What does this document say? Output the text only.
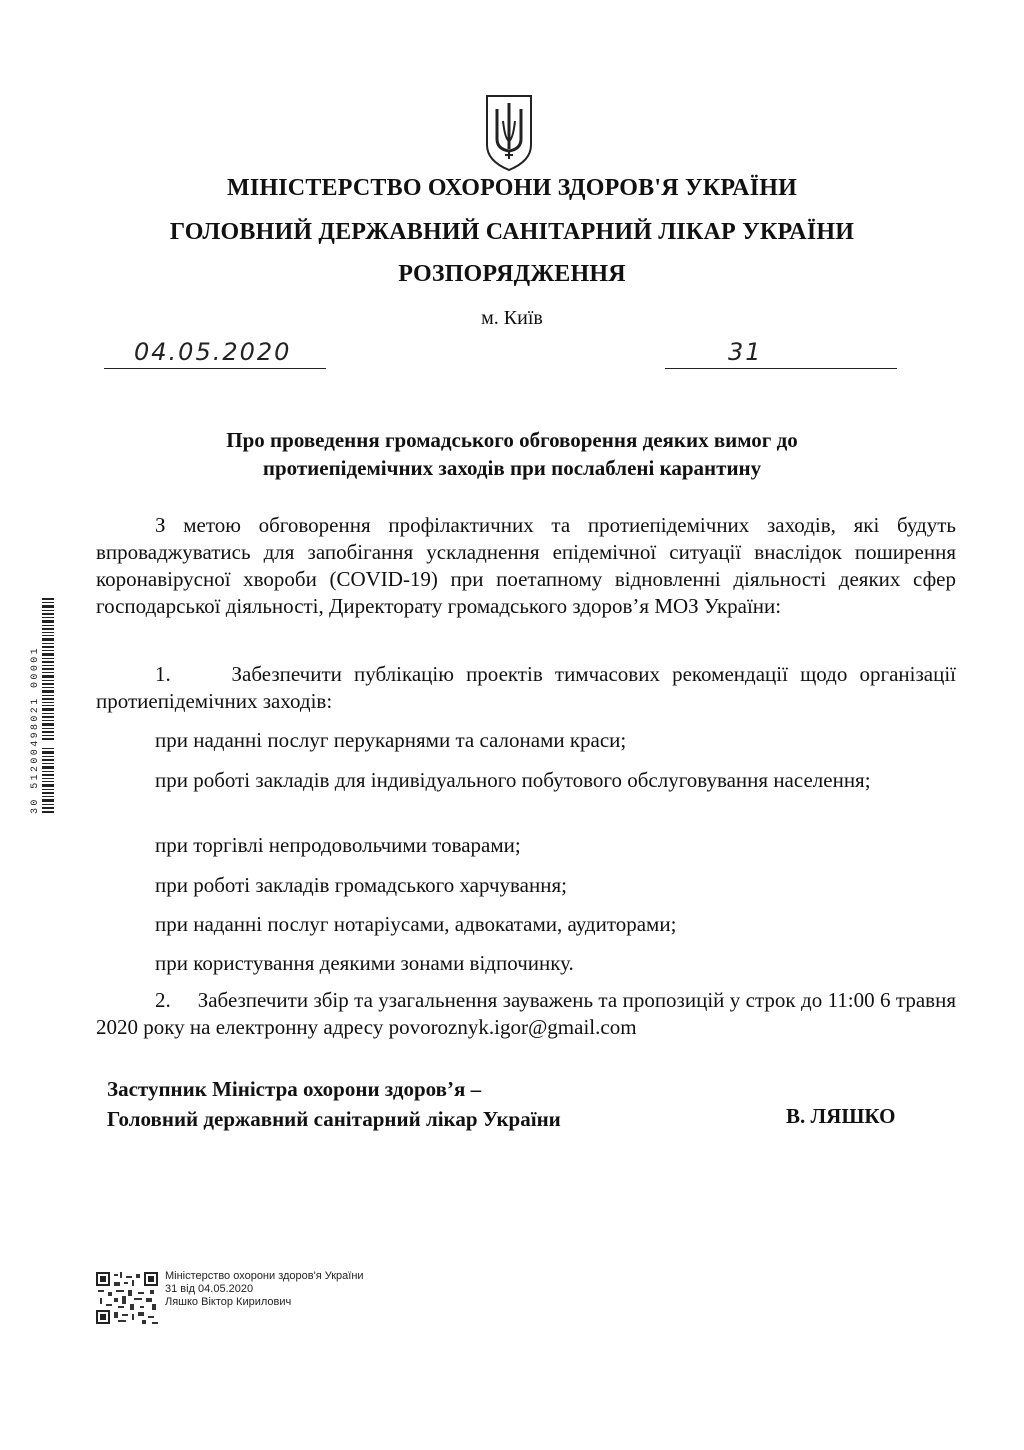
МІНІСТЕРСТВО ОХОРОНИ ЗДОРОВ'Я УКРАЇНИ
ГОЛОВНИЙ ДЕРЖАВНИЙ САНІТАРНИЙ ЛІКАР УКРАЇНИ
РОЗПОРЯДЖЕННЯ
м. Київ
04.05.2020	31
Про проведення громадського обговорення деяких вимог до
протиепідемічних заходів при послаблені карантину
З метою обговорення профілактичних та протиепідемічних заходів, які будуть впроваджуватись для запобігання ускладнення епідемічної ситуації внаслідок поширення коронавірусної хвороби (COVID-19) при поетапному відновленні діяльності деяких сфер господарської діяльності, Директорату громадського здоров’я МОЗ України:
1.     Забезпечити публікацію проектів тимчасових рекомендації щодо організації протиепідемічних заходів:
при наданні послуг перукарнями та салонами краси;
при роботі закладів для індивідуального побутового обслуговування населення;
при торгівлі непродовольчими товарами;
при роботі закладів громадського харчування;
при наданні послуг нотаріусами, адвокатами, аудиторами;
при користування деякими зонами відпочинку.
2.     Забезпечити збір та узагальнення зауважень та пропозицій у строк до 11:00 6 травня 2020 року на електронну адресу povoroznyk.igor@gmail.com
Заступник Міністра охорони здоров’я –
Головний державний санітарний лікар України	В. ЛЯШКО
Міністерство охорони здоров'я України
31 від 04.05.2020
Ляшко Віктор Кирилович
30 51200498021 00001
